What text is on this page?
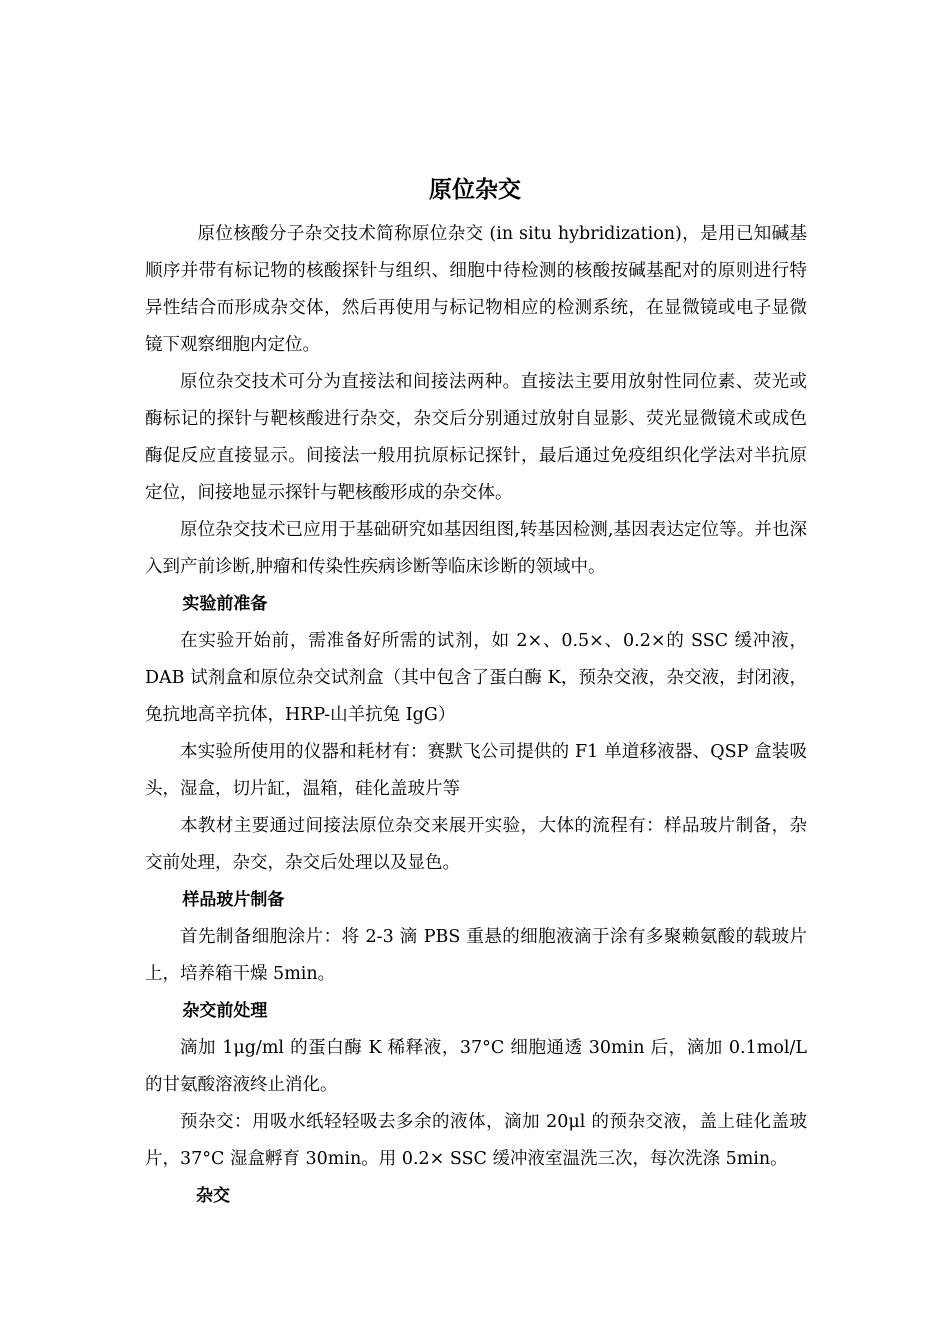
原位杂交

原位核酸分子杂交技术简称原位杂交 (in situ hybridization)，是用已知碱基顺序并带有标记物的核酸探针与组织、细胞中待检测的核酸按碱基配对的原则进行特异性结合而形成杂交体，然后再使用与标记物相应的检测系统，在显微镜或电子显微镜下观察细胞内定位。

原位杂交技术可分为直接法和间接法两种。直接法主要用放射性同位素、荧光或酶标记的探针与靶核酸进行杂交，杂交后分别通过放射自显影、荧光显微镜术或成色酶促反应直接显示。间接法一般用抗原标记探针，最后通过免疫组织化学法对半抗原定位，间接地显示探针与靶核酸形成的杂交体。

原位杂交技术已应用于基础研究如基因组图,转基因检测,基因表达定位等。并也深入到产前诊断,肿瘤和传染性疾病诊断等临床诊断的领域中。

实验前准备

在实验开始前，需准备好所需的试剂，如 2×、0.5×、0.2×的 SSC 缓冲液，DAB 试剂盒和原位杂交试剂盒（其中包含了蛋白酶 K，预杂交液，杂交液，封闭液，兔抗地高辛抗体，HRP-山羊抗兔 IgG）

本实验所使用的仪器和耗材有：赛默飞公司提供的 F1 单道移液器、QSP 盒装吸头，湿盒，切片缸，温箱，硅化盖玻片等

本教材主要通过间接法原位杂交来展开实验，大体的流程有：样品玻片制备，杂交前处理，杂交，杂交后处理以及显色。

样品玻片制备

首先制备细胞涂片：将 2-3 滴 PBS 重悬的细胞液滴于涂有多聚赖氨酸的载玻片上，培养箱干燥 5min。

杂交前处理

滴加 1μg/ml 的蛋白酶 K 稀释液，37°C 细胞通透 30min 后，滴加 0.1mol/L 的甘氨酸溶液终止消化。

预杂交：用吸水纸轻轻吸去多余的液体，滴加 20μl 的预杂交液，盖上硅化盖玻片，37°C 湿盒孵育 30min。用 0.2× SSC 缓冲液室温洗三次，每次洗涤 5min。

杂交
